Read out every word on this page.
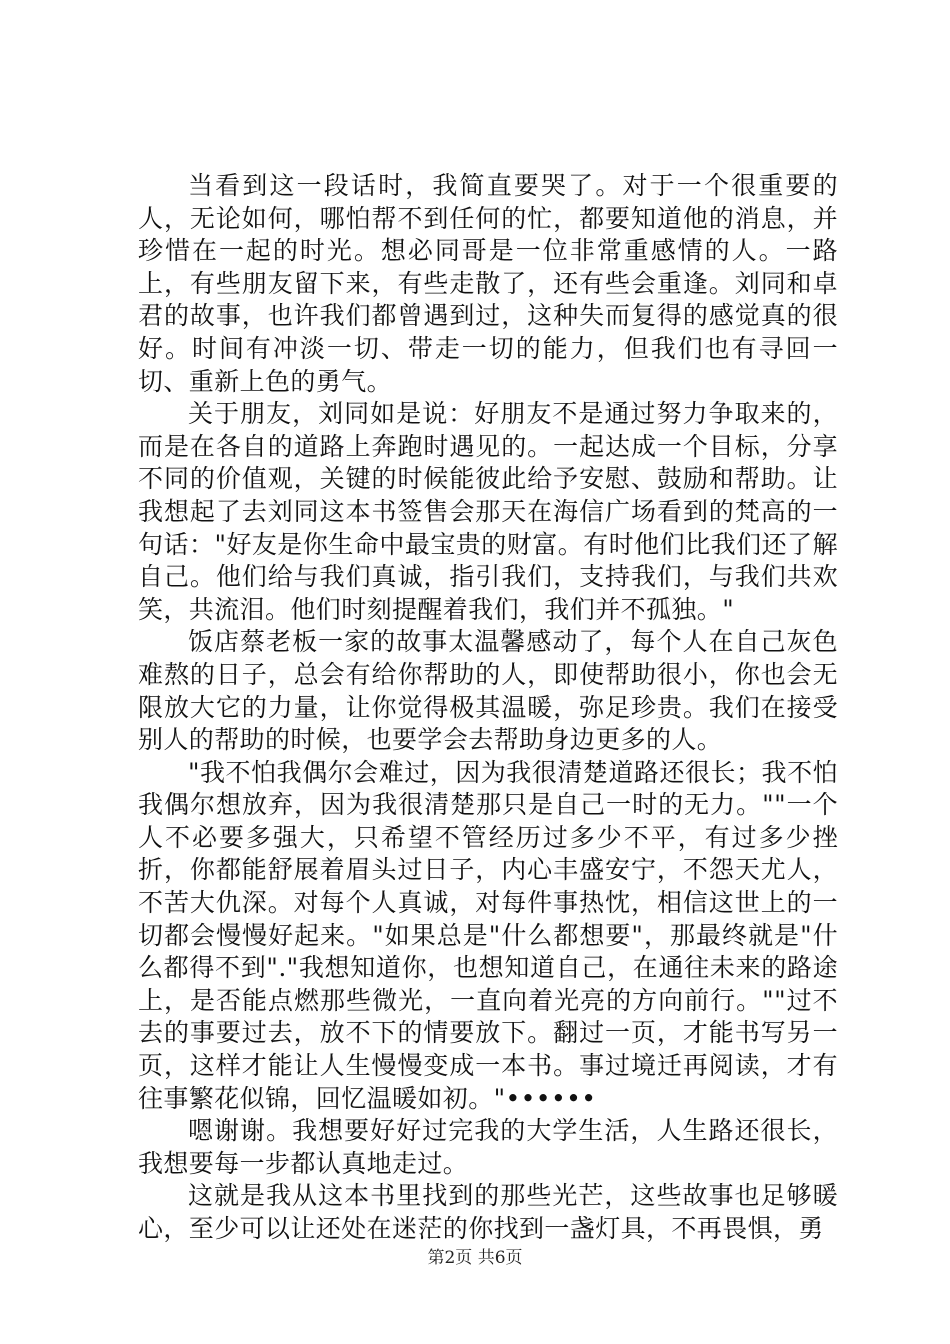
当看到这一段话时，我简直要哭了。对于一个很重要的人，无论如何，哪怕帮不到任何的忙，都要知道他的消息，并珍惜在一起的时光。想必同哥是一位非常重感情的人。一路上，有些朋友留下来，有些走散了，还有些会重逢。刘同和卓君的故事，也许我们都曾遇到过，这种失而复得的感觉真的很好。时间有冲淡一切、带走一切的能力，但我们也有寻回一切、重新上色的勇气。

关于朋友，刘同如是说：好朋友不是通过努力争取来的，而是在各自的道路上奔跑时遇见的。一起达成一个目标，分享不同的价值观，关键的时候能彼此给予安慰、鼓励和帮助。让我想起了去刘同这本书签售会那天在海信广场看到的梵高的一句话："好友是你生命中最宝贵的财富。有时他们比我们还了解自己。他们给与我们真诚，指引我们，支持我们，与我们共欢笑，共流泪。他们时刻提醒着我们，我们并不孤独。"

饭店蔡老板一家的故事太温馨感动了，每个人在自己灰色难熬的日子，总会有给你帮助的人，即使帮助很小，你也会无限放大它的力量，让你觉得极其温暖，弥足珍贵。我们在接受别人的帮助的时候，也要学会去帮助身边更多的人。

"我不怕我偶尔会难过，因为我很清楚道路还很长；我不怕我偶尔想放弃，因为我很清楚那只是自己一时的无力。""一个人不必要多强大，只希望不管经历过多少不平，有过多少挫折，你都能舒展着眉头过日子，内心丰盛安宁，不怨天尤人，不苦大仇深。对每个人真诚，对每件事热忱，相信这世上的一切都会慢慢好起来。"如果总是"什么都想要"，那最终就是"什么都得不到"."我想知道你，也想知道自己，在通往未来的路途上，是否能点燃那些微光，一直向着光亮的方向前行。""过不去的事要过去，放不下的情要放下。翻过一页，才能书写另一页，这样才能让人生慢慢变成一本书。事过境迁再阅读，才有往事繁花似锦，回忆温暖如初。"••••••

嗯谢谢。我想要好好过完我的大学生活，人生路还很长，我想要每一步都认真地走过。

这就是我从这本书里找到的那些光芒，这些故事也足够暖心，至少可以让还处在迷茫的你找到一盏灯具，不再畏惧，勇

第2页 共6页
